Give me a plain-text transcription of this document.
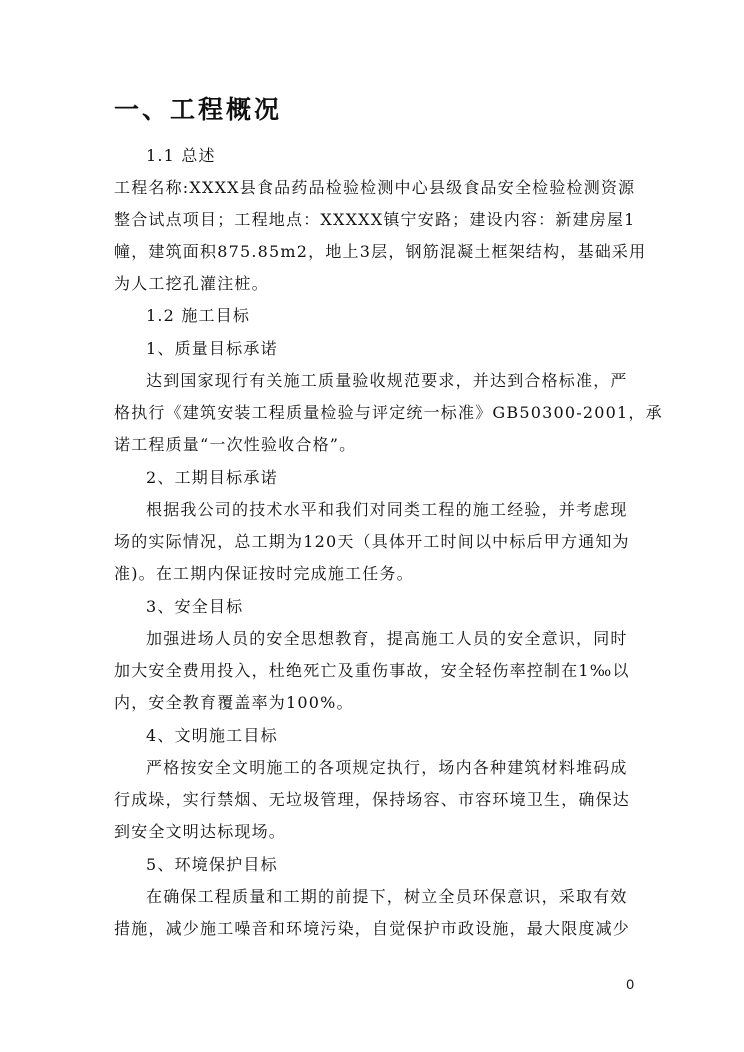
一、工程概况
1.1 总述
工程名称:XXXX县食品药品检验检测中心县级食品安全检验检测资源
整合试点项目；工程地点：XXXXX镇宁安路；建设内容：新建房屋1
幢，建筑面积875.85m2，地上3层，钢筋混凝土框架结构，基础采用
为人工挖孔灌注桩。
1.2 施工目标
1、质量目标承诺
达到国家现行有关施工质量验收规范要求，并达到合格标准，严
格执行《建筑安装工程质量检验与评定统一标准》GB50300-2001，承
诺工程质量“一次性验收合格”。
2、工期目标承诺
根据我公司的技术水平和我们对同类工程的施工经验，并考虑现
场的实际情况，总工期为120天（具体开工时间以中标后甲方通知为
准)。在工期内保证按时完成施工任务。
3、安全目标
加强进场人员的安全思想教育，提高施工人员的安全意识，同时
加大安全费用投入，杜绝死亡及重伤事故，安全轻伤率控制在1‰以
内，安全教育覆盖率为100%。
4、文明施工目标
严格按安全文明施工的各项规定执行，场内各种建筑材料堆码成
行成垛，实行禁烟、无垃圾管理，保持场容、市容环境卫生，确保达
到安全文明达标现场。
5、环境保护目标
在确保工程质量和工期的前提下，树立全员环保意识，采取有效
措施，减少施工噪音和环境污染，自觉保护市政设施，最大限度减少
0
